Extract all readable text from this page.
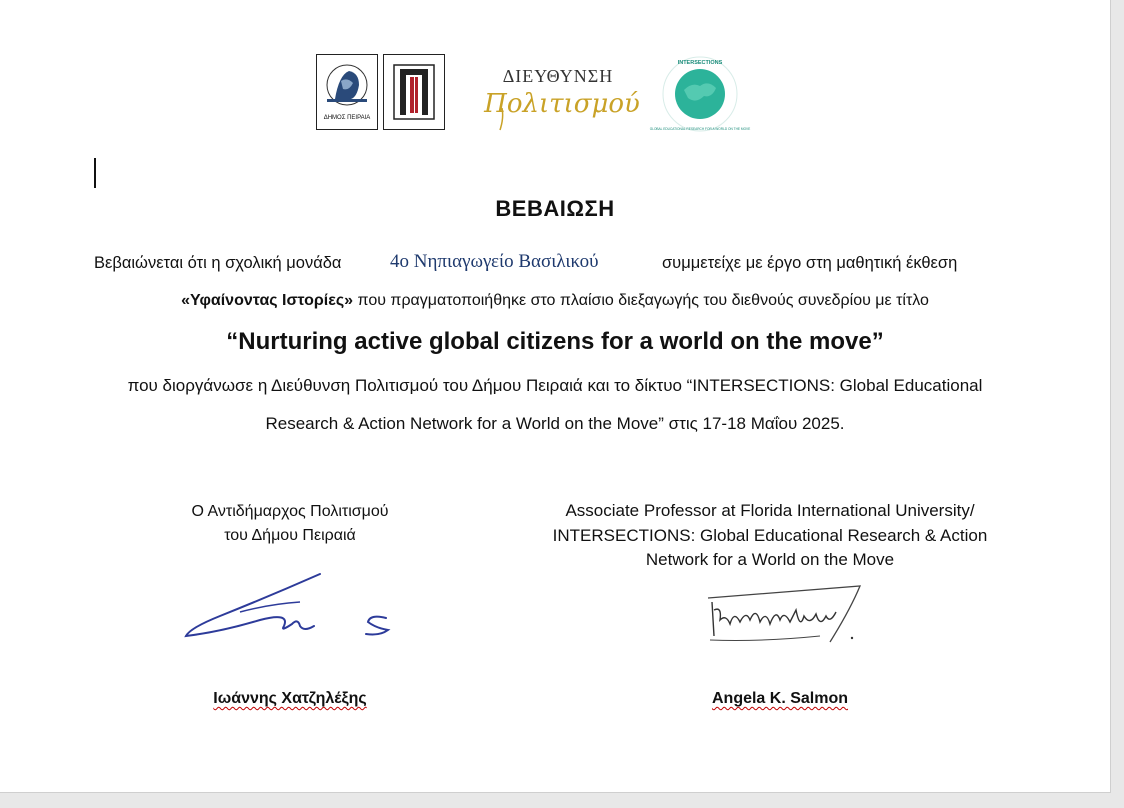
ΔΗΜΟΣ ΠΕΙΡΑΙΑ
ΔΙΕΥΘΥΝΣΗ
Πολιτισμού
INTERSECTIONS
GLOBAL EDUCATIONAL RESEARCH FOR A WORLD ON THE MOVE
ΒΕΒΑΙΩΣΗ
Βεβαιώνεται ότι η σχολική μονάδα	4ο Νηπιαγωγείο Βασιλικού	συμμετείχε με έργο στη μαθητική έκθεση
«Υφαίνοντας Ιστορίες» που πραγματοποιήθηκε στο πλαίσιο διεξαγωγής του διεθνούς συνεδρίου με τίτλο
“Nurturing active global citizens for a world on the move”
που διοργάνωσε η Διεύθυνση Πολιτισμού του Δήμου Πειραιά και το δίκτυο “INTERSECTIONS: Global Educational
Research & Action Network for a World on the Move” στις 17-18 Μαΐου 2025.
Ο Αντιδήμαρχος Πολιτισμού
του Δήμου Πειραιά
Ιωάννης Χατζηλέξης
Associate Professor at Florida International University/
INTERSECTIONS: Global Educational Research & Action
Network for a World on the Move
Angela K. Salmon
